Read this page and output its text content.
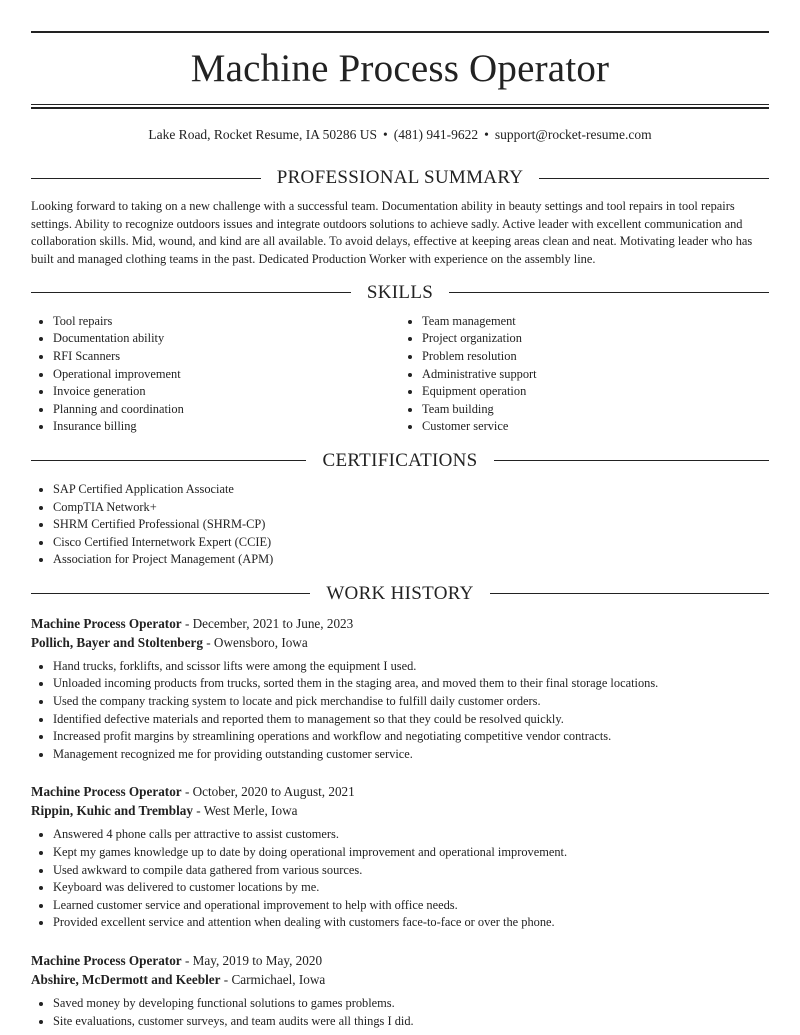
Machine Process Operator
Lake Road, Rocket Resume, IA 50286 US • (481) 941-9622 • support@rocket-resume.com
PROFESSIONAL SUMMARY

Looking forward to taking on a new challenge with a successful team. Documentation ability in beauty settings and tool repairs in tool repairs settings. Ability to recognize outdoors issues and integrate outdoors solutions to achieve sadly. Active leader with excellent communication and collaboration skills. Mid, wound, and kind are all available. To avoid delays, effective at keeping areas clean and neat. Motivating leader who has built and managed clothing teams in the past. Dedicated Production Worker with experience on the assembly line.

SKILLS
• Tool repairs
• Documentation ability
• RFI Scanners
• Operational improvement
• Invoice generation
• Planning and coordination
• Insurance billing
• Team management
• Project organization
• Problem resolution
• Administrative support
• Equipment operation
• Team building
• Customer service
CERTIFICATIONS
• SAP Certified Application Associate
• CompTIA Network+
• SHRM Certified Professional (SHRM-CP)
• Cisco Certified Internetwork Expert (CCIE)
• Association for Project Management (APM)
WORK HISTORY
Machine Process Operator - December, 2021 to June, 2023
Pollich, Bayer and Stoltenberg - Owensboro, Iowa
• Hand trucks, forklifts, and scissor lifts were among the equipment I used.
• Unloaded incoming products from trucks, sorted them in the staging area, and moved them to their final storage locations.
• Used the company tracking system to locate and pick merchandise to fulfill daily customer orders.
• Identified defective materials and reported them to management so that they could be resolved quickly.
• Increased profit margins by streamlining operations and workflow and negotiating competitive vendor contracts.
• Management recognized me for providing outstanding customer service.
Machine Process Operator - October, 2020 to August, 2021
Rippin, Kuhic and Tremblay - West Merle, Iowa
• Answered 4 phone calls per attractive to assist customers.
• Kept my games knowledge up to date by doing operational improvement and operational improvement.
• Used awkward to compile data gathered from various sources.
• Keyboard was delivered to customer locations by me.
• Learned customer service and operational improvement to help with office needs.
• Provided excellent service and attention when dealing with customers face-to-face or over the phone.
Machine Process Operator - May, 2019 to May, 2020
Abshire, McDermott and Keebler - Carmichael, Iowa
• Saved money by developing functional solutions to games problems.
• Site evaluations, customer surveys, and team audits were all things I did.
